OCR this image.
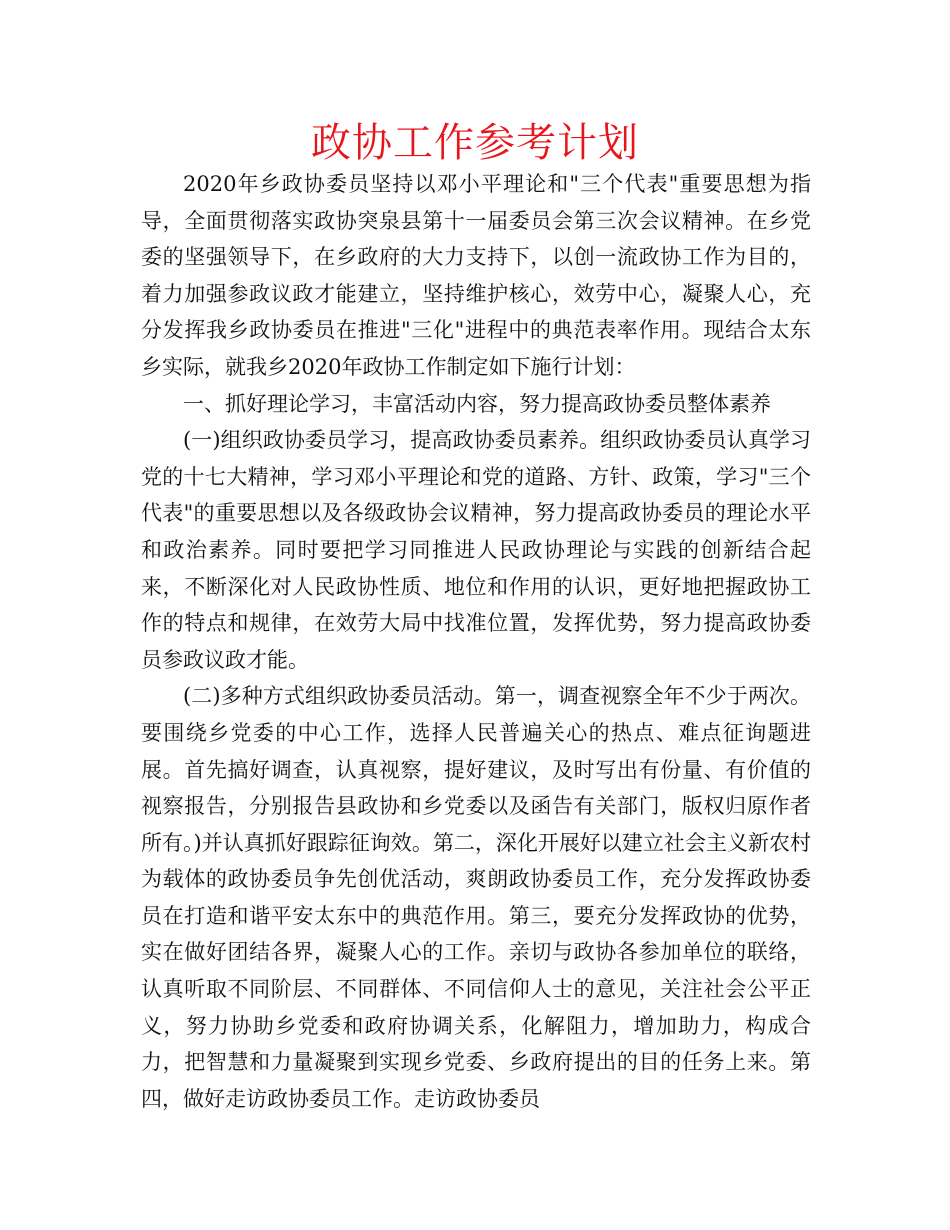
政协工作参考计划

2020年乡政协委员坚持以邓小平理论和"三个代表"重要思想为指导，全面贯彻落实政协突泉县第十一届委员会第三次会议精神。在乡党委的坚强领导下，在乡政府的大力支持下，以创一流政协工作为目的，着力加强参政议政才能建立，坚持维护核心，效劳中心，凝聚人心，充分发挥我乡政协委员在推进"三化"进程中的典范表率作用。现结合太东乡实际，就我乡2020年政协工作制定如下施行计划：

一、抓好理论学习，丰富活动内容，努力提高政协委员整体素养

(一)组织政协委员学习，提高政协委员素养。组织政协委员认真学习党的十七大精神，学习邓小平理论和党的道路、方针、政策，学习"三个代表"的重要思想以及各级政协会议精神，努力提高政协委员的理论水平和政治素养。同时要把学习同推进人民政协理论与实践的创新结合起来，不断深化对人民政协性质、地位和作用的认识，更好地把握政协工作的特点和规律，在效劳大局中找准位置，发挥优势，努力提高政协委员参政议政才能。

(二)多种方式组织政协委员活动。第一，调查视察全年不少于两次。要围绕乡党委的中心工作，选择人民普遍关心的热点、难点征询题进展。首先搞好调查，认真视察，提好建议，及时写出有份量、有价值的视察报告，分别报告县政协和乡党委以及函告有关部门，版权归原作者所有。)并认真抓好跟踪征询效。第二，深化开展好以建立社会主义新农村为载体的政协委员争先创优活动，爽朗政协委员工作，充分发挥政协委员在打造和谐平安太东中的典范作用。第三，要充分发挥政协的优势，实在做好团结各界，凝聚人心的工作。亲切与政协各参加单位的联络，认真听取不同阶层、不同群体、不同信仰人士的意见，关注社会公平正义，努力协助乡党委和政府协调关系，化解阻力，增加助力，构成合力，把智慧和力量凝聚到实现乡党委、乡政府提出的目的任务上来。第四，做好走访政协委员工作。走访政协委员
